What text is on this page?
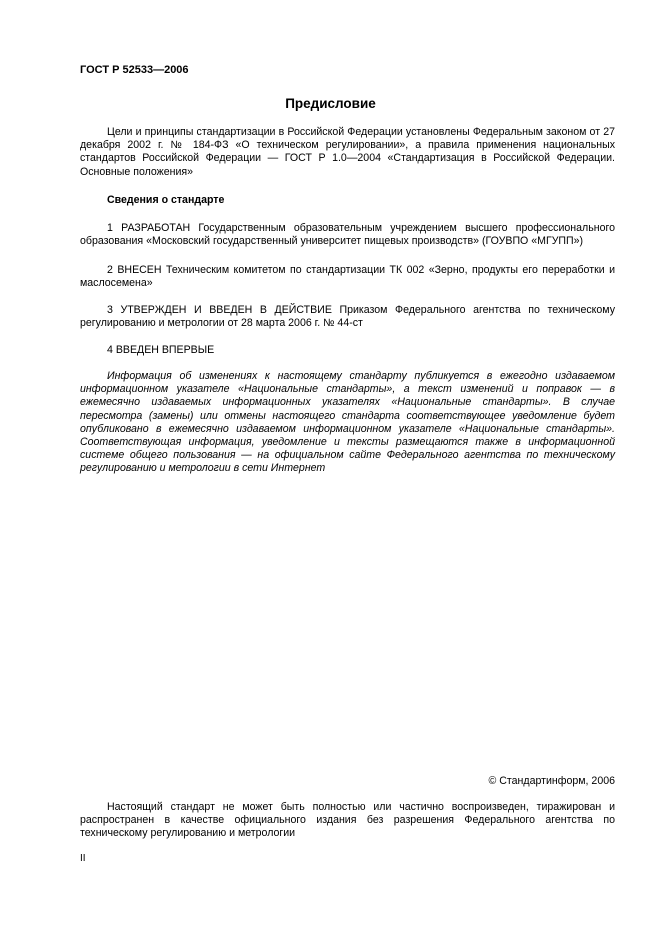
ГОСТ Р 52533—2006
Предисловие

Цели и принципы стандартизации в Российской Федерации установлены Федеральным законом от 27 декабря 2002 г. № 184-ФЗ «О техническом регулировании», а правила применения национальных стандартов Российской Федерации — ГОСТ Р 1.0—2004 «Стандартизация в Российской Федерации. Основные положения»

Сведения о стандарте

1 РАЗРАБОТАН Государственным образовательным учреждением высшего профессионального образования «Московский государственный университет пищевых производств» (ГОУВПО «МГУПП»)

2 ВНЕСЕН Техническим комитетом по стандартизации ТК 002 «Зерно, продукты его переработки и маслосемена»

3 УТВЕРЖДЕН И ВВЕДЕН В ДЕЙСТВИЕ Приказом Федерального агентства по техническому регулированию и метрологии от 28 марта 2006 г. № 44-ст

4 ВВЕДЕН ВПЕРВЫЕ

Информация об изменениях к настоящему стандарту публикуется в ежегодно издаваемом информационном указателе «Национальные стандарты», а текст изменений и поправок — в ежемесячно издаваемых информационных указателях «Национальные стандарты». В случае пересмотра (замены) или отмены настоящего стандарта соответствующее уведомление будет опубликовано в ежемесячно издаваемом информационном указателе «Национальные стандарты». Соответствующая информация, уведомление и тексты размещаются также в информационной системе общего пользования — на официальном сайте Федерального агентства по техническому регулированию и метрологии в сети Интернет

© Стандартинформ, 2006

Настоящий стандарт не может быть полностью или частично воспроизведен, тиражирован и распространен в качестве официального издания без разрешения Федерального агентства по техническому регулированию и метрологии

II
